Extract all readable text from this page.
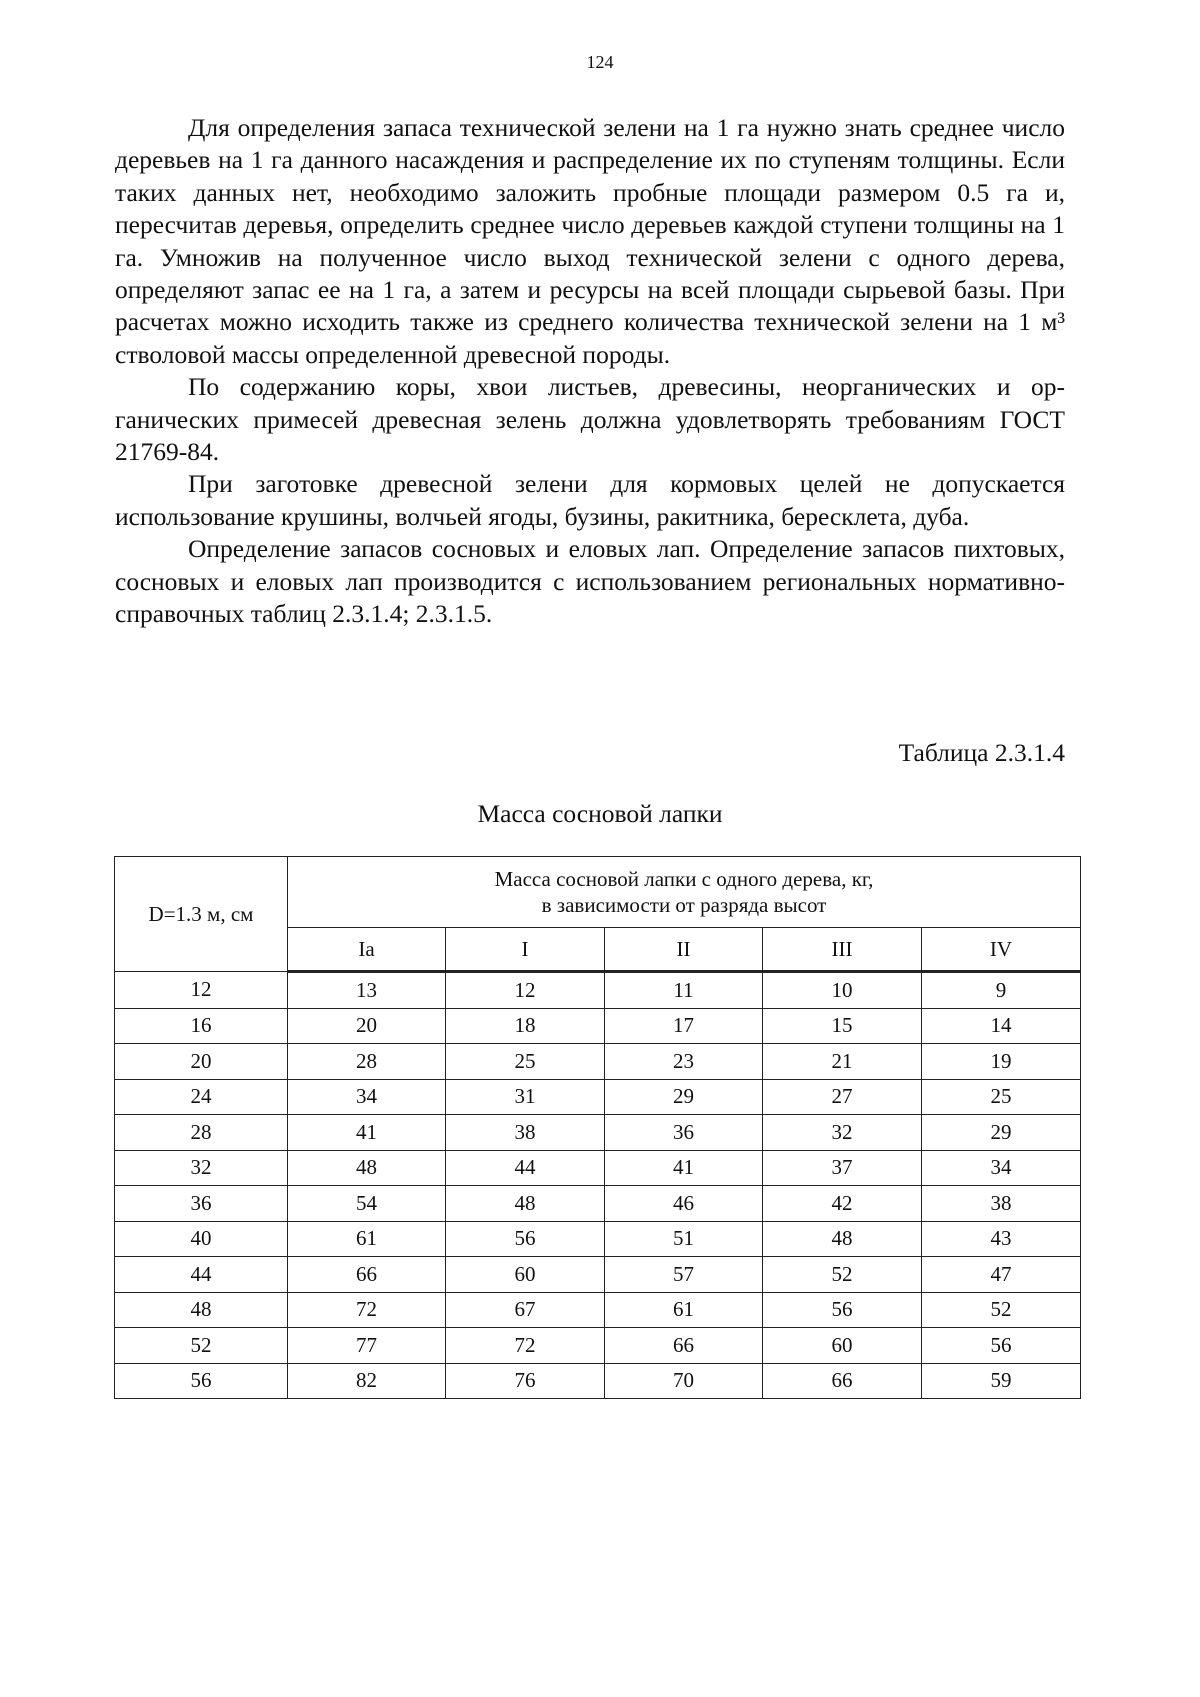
124

Для определения запаса технической зелени на 1 га нужно знать среднее число деревьев на 1 га данного насаждения и распределение их по ступеням толщины. Если таких данных нет, необходимо заложить пробные площади размером 0.5 га и, пересчитав деревья, определить среднее число деревьев каждой ступени толщины на 1 га. Умножив на полученное число выход технической зелени с одного дерева, определяют запас ее на 1 га, а затем и ресурсы на всей площади сырьевой базы. При расчетах можно исходить также из среднего количества технической зелени на 1 м³ стволовой массы определенной древесной породы.

По содержанию коры, хвои листьев, древесины, неорганических и органических примесей древесная зелень должна удовлетворять требованиям ГОСТ 21769-84.

При заготовке древесной зелени для кормовых целей не допускается использование крушины, волчьей ягоды, бузины, ракитника, бересклета, дуба.

Определение запасов сосновых и еловых лап. Определение запасов пихтовых, сосновых и еловых лап производится с использованием региональных нормативно-справочных таблиц 2.3.1.4; 2.3.1.5.

Таблица 2.3.1.4
Масса сосновой лапки
D=1.3 м, см	Масса сосновой лапки с одного дерева, кг,
в зависимости от разряда высот				
	Ia	I	II	III	IV
12	13	12	11	10	9
16	20	18	17	15	14
20	28	25	23	21	19
24	34	31	29	27	25
28	41	38	36	32	29
32	48	44	41	37	34
36	54	48	46	42	38
40	61	56	51	48	43
44	66	60	57	52	47
48	72	67	61	56	52
52	77	72	66	60	56
56	82	76	70	66	59
